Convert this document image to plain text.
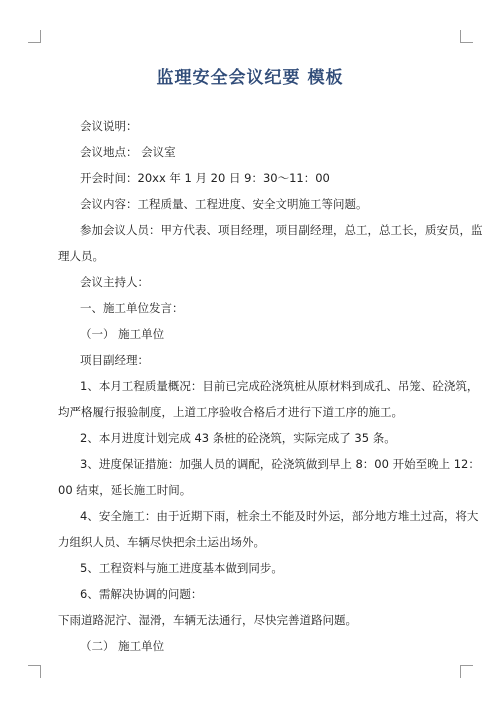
监理安全会议纪要 模板

会议说明：

会议地点： 会议室

开会时间：20xx 年 1 月 20 日 9：30～11：00

会议内容：工程质量、工程进度、安全文明施工等问题。

参加会议人员：甲方代表、项目经理，项目副经理，总工，总工长，质安员，监

理人员。

会议主持人：

一、施工单位发言：

（一） 施工单位

项目副经理：

1、本月工程质量概况：目前已完成砼浇筑桩从原材料到成孔、吊笼、砼浇筑，

均严格履行报验制度，上道工序验收合格后才进行下道工序的施工。

2、本月进度计划完成 43 条桩的砼浇筑，实际完成了 35 条。

3、进度保证措施：加强人员的调配，砼浇筑做到早上 8：00 开始至晚上 12：

00 结束，延长施工时间。

4、安全施工：由于近期下雨，桩余土不能及时外运，部分地方堆土过高，将大

力组织人员、车辆尽快把余土运出场外。

5、工程资料与施工进度基本做到同步。

6、需解决协调的问题：

下雨道路泥泞、湿滑，车辆无法通行，尽快完善道路问题。

（二） 施工单位
